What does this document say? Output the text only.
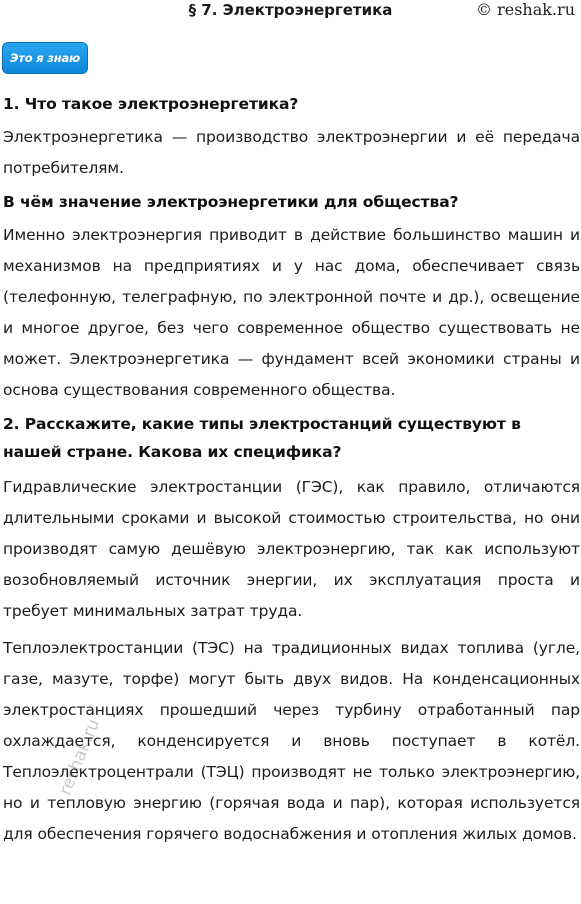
§ 7. Электроэнергетика	© reshak.ru
Это я знаю

1. Что такое электроэнергетика?

Электроэнергетика — производство электроэнергии и её передача потребителям.

В чём значение электроэнергетики для общества?

Именно электроэнергия приводит в действие большинство машин и механизмов на предприятиях и у нас дома, обеспечивает связь (телефонную, телеграфную, по электронной почте и др.), освещение и многое другое, без чего современное общество существовать не может. Электроэнергетика — фундамент всей экономики страны и основа существования современного общества.

2. Расскажите, какие типы электростанций существуют в нашей стране. Какова их специфика?

Гидравлические электростанции (ГЭС), как правило, отличаются длительными сроками и высокой стоимостью строительства, но они производят самую дешёвую электроэнергию, так как используют возобновляемый источник энергии, их эксплуатация проста и требует минимальных затрат труда.

Теплоэлектростанции (ТЭС) на традиционных видах топлива (угле, газе, мазуте, торфе) могут быть двух видов. На конденсационных электростанциях прошедший через турбину отработанный пар охлаждается, конденсируется и вновь поступает в котёл. Теплоэлектроцентрали (ТЭЦ) производят не только электроэнергию, но и тепловую энергию (горячая вода и пар), которая используется для обеспечения горячего водоснабжения и отопления жилых домов.

reshak.ru
